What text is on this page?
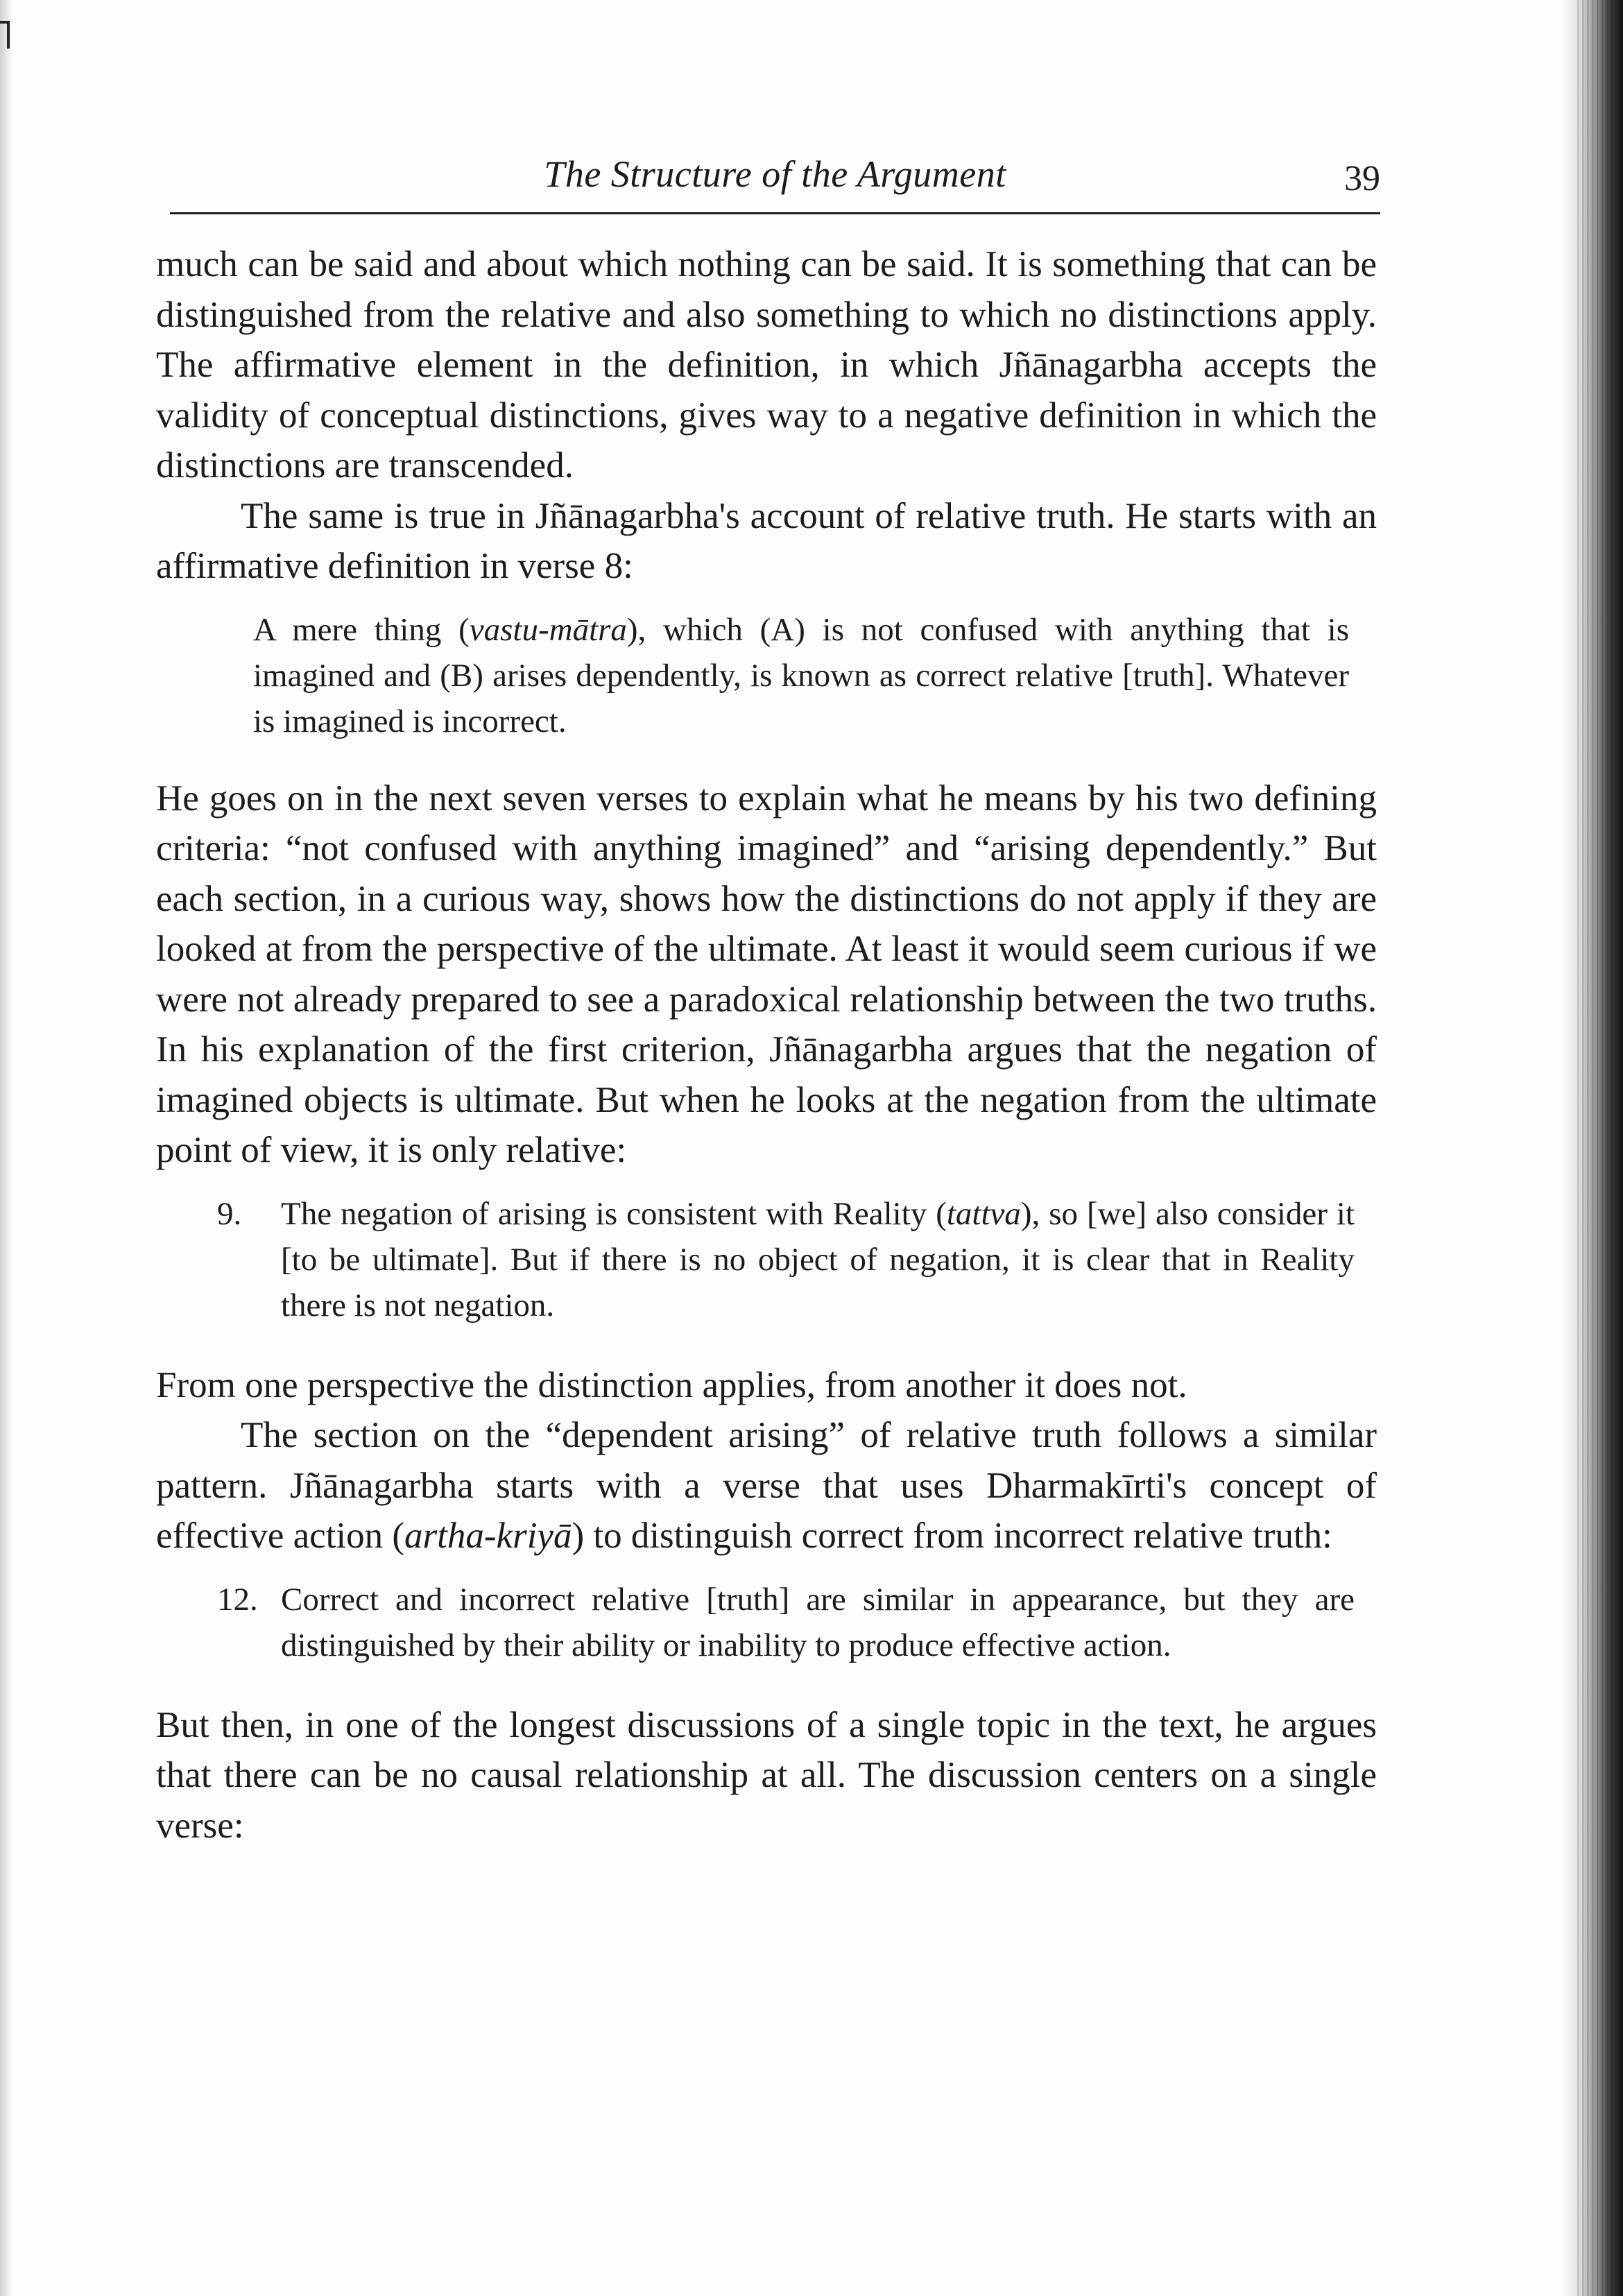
The Structure of the Argument	39

much can be said and about which nothing can be said. It is something that can be distinguished from the relative and also something to which no distinctions apply. The affirmative element in the definition, in which Jñānagarbha accepts the validity of conceptual distinctions, gives way to a negative definition in which the distinctions are transcended.

The same is true in Jñānagarbha's account of relative truth. He starts with an affirmative definition in verse 8:

A mere thing (vastu-mātra), which (A) is not confused with anything that is imagined and (B) arises dependently, is known as correct relative [truth]. Whatever is imagined is incorrect.

He goes on in the next seven verses to explain what he means by his two defining criteria: “not confused with anything imagined” and “arising dependently.” But each section, in a curious way, shows how the distinctions do not apply if they are looked at from the perspective of the ultimate. At least it would seem curious if we were not already prepared to see a paradoxical relationship between the two truths. In his explanation of the first criterion, Jñānagarbha argues that the negation of imagined objects is ultimate. But when he looks at the negation from the ultimate point of view, it is only relative:

9.	The negation of arising is consistent with Reality (tattva), so [we] also consider it [to be ultimate]. But if there is no object of negation, it is clear that in Reality there is not negation.

From one perspective the distinction applies, from another it does not.

The section on the “dependent arising” of relative truth follows a similar pattern. Jñānagarbha starts with a verse that uses Dharmakīrti's concept of effective action (artha-kriyā) to distinguish correct from incorrect relative truth:

12. Correct and incorrect relative [truth] are similar in appearance, but they are distinguished by their ability or inability to produce effective action.

But then, in one of the longest discussions of a single topic in the text, he argues that there can be no causal relationship at all. The discussion centers on a single verse:
